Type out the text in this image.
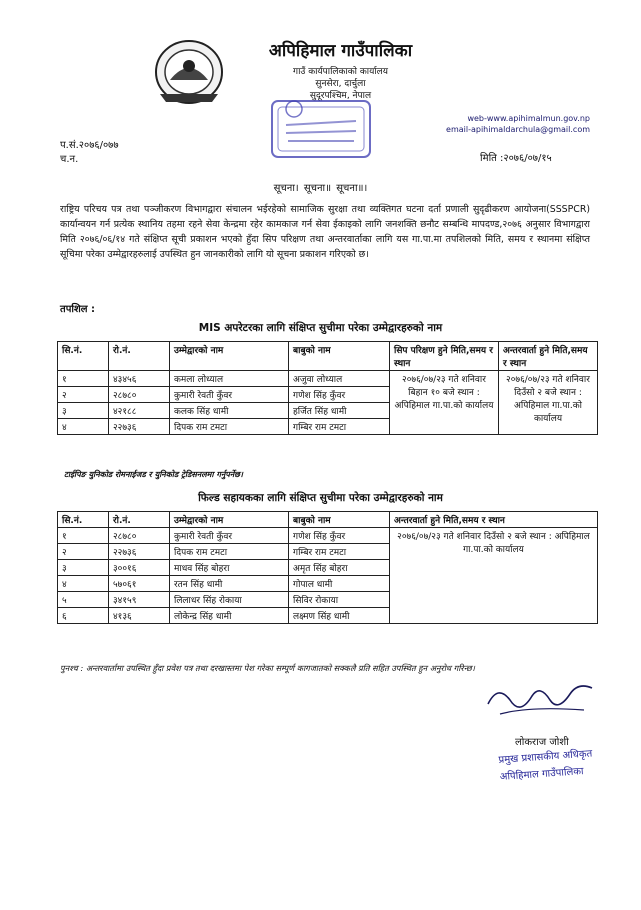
अपिहिमाल गाउँपालिका
गाउँ कार्यपालिकाको कार्यालय
सुनसेरा, दार्चुला
सुदूरपश्चिम, नेपाल
web-www.apihimalmun.gov.np
email-apihimaldarchula@gmail.com
प.सं.२०७६/०७७
च.न.	मिति :२०७६/०७/१५
सूचना। सूचना॥ सूचना॥।
राष्ट्रिय परिचय पत्र तथा पञ्जीकरण विभागद्वारा संचालन भईरहेको सामाजिक सुरक्षा तथा व्यक्तिगत घटना दर्ता प्रणाली सुदृढीकरण आयोजना(SSSPCR) कार्यान्वयन गर्न प्रत्येक स्थानिय तहमा रहने सेवा केन्द्रमा रहेर कामकाज गर्न सेवा ईकाइको लागि जनशक्ति छनौट सम्बन्धि मापदण्ड,२०७६ अनुसार विभागद्वारा मिति २०७६/०६/१४ गते संक्षिप्त सूची प्रकाशन भएको हुँदा सिप परिक्षण तथा अन्तरवार्ताका लागि यस गा.पा.मा तपशिलको मिति, समय र स्थानमा संक्षिप्त सूचिमा परेका उम्मेद्वारहरुलाई उपस्थित हुन जानकारीको लागि यो सूचना प्रकाशन गरिएको छ।
तपशिल :
MIS अपरेटरका लागि संक्षिप्त सुचीमा परेका उम्मेद्वारहरुको नाम
सि.नं.	रो.नं.	उम्मेद्वारको नाम	बाबुको नाम	सिप परिक्षण हुने मिति,समय र स्थान	अन्तरवार्ता हुने मिति,समय र स्थान
१	४३४५६	कमला लोध्याल	अजुवा लोध्याल	२०७६/०७/२३ गते शनिवार बिहान १० बजे स्थान : अपिहिमाल गा.पा.को कार्यालय	२०७६/०७/२३ गते शनिवार दिउँसो २ बजे स्थान : अपिहिमाल गा.पा.को कार्यालय
२	२८७८०	कुमारी रेवती कुँवर	गणेश सिंह कुँवर		
३	४२१८८	कलक सिंह धामी	हर्जित सिंह धामी		
४	२२७३६	दिपक राम टमटा	गम्बिर राम टमटा		
टाईपिङ युनिकोड रोमनाईजड र युनिकोड ट्रेडिसनलमा गर्नुपर्नेछ।
फिल्ड सहायकका लागि संक्षिप्त सुचीमा परेका उम्मेद्वारहरुको नाम
सि.नं.	रो.नं.	उम्मेद्वारको नाम	बाबुको नाम	अन्तरवार्ता हुने मिति,समय र स्थान
१	२८७८०	कुमारी रेवती कुँवर	गणेश सिंह कुँवर	२०७६/०७/२३ गते शनिवार दिउँसो २ बजे स्थान : अपिहिमाल गा.पा.को कार्यालय
२	२२७३६	दिपक राम टमटा	गम्बिर राम टमटा	
३	३००१६	माधव सिंह बोहरा	अमृत सिंह बोहरा	
४	५७०६१	रतन सिंह धामी	गोपाल धामी	
५	३४१५९	लिलाधर सिंह रोकाया	सिविर रोकाया	
६	४१३६	लोकेन्द्र सिंह धामी	लक्ष्मण सिंह धामी	
पुनश्च : अन्तरवार्तामा उपस्थित हुँदा प्रवेश पत्र तथा दरखास्तमा पेश गरेका सम्पूर्ण कागजातको सक्कलै प्रति सहित उपस्थित हुन अनुरोध गरिन्छ।
लोकराज जोशी
प्रमुख प्रशासकीय अधिकृत
अपिहिमाल गाउँपालिका
